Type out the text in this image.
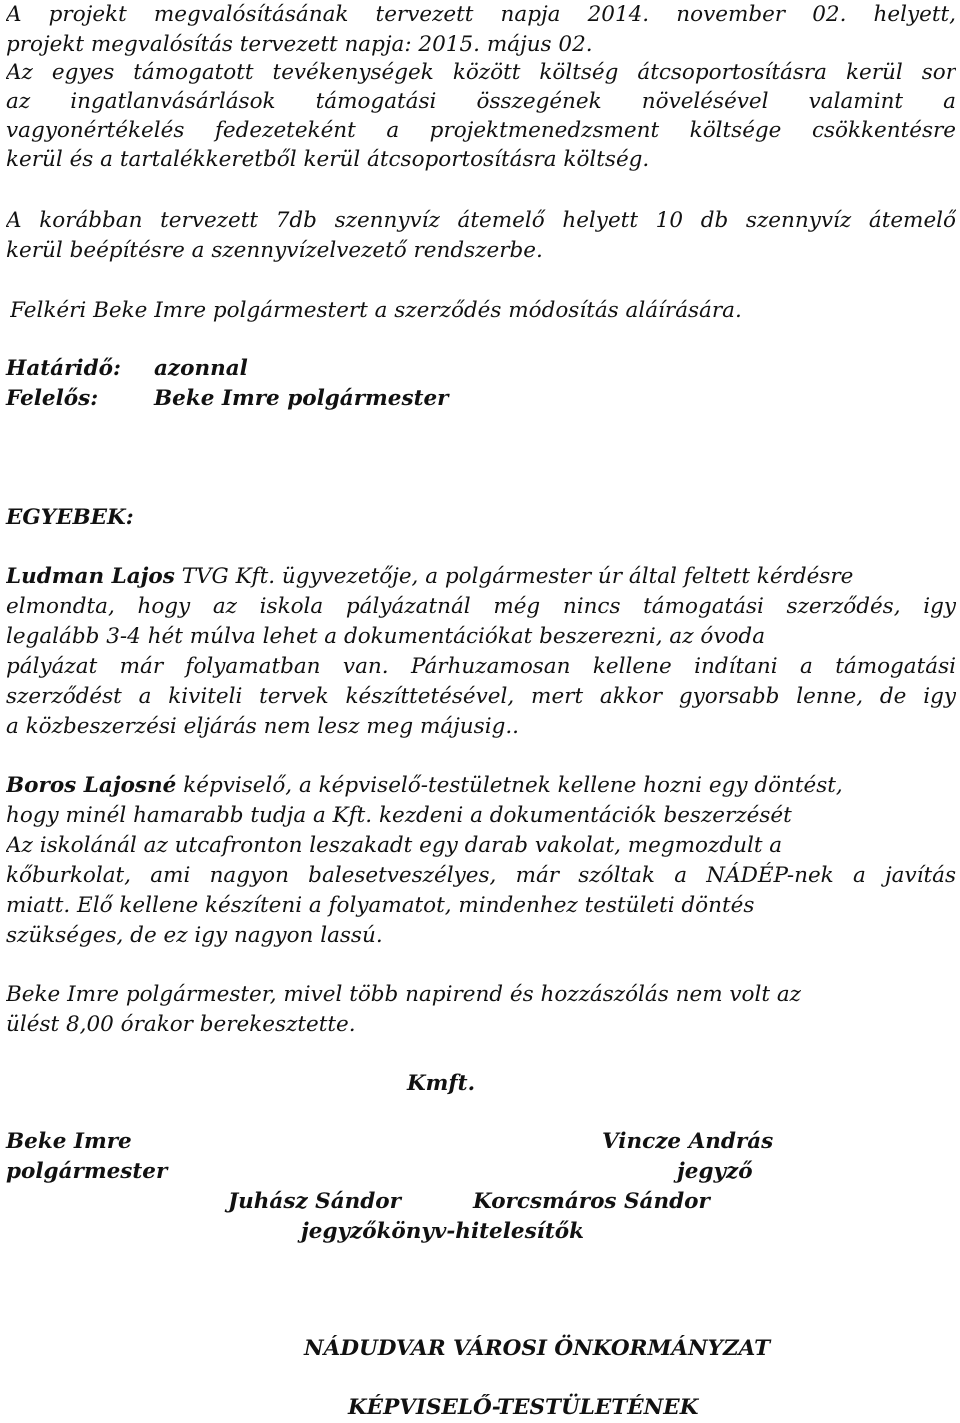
A projekt megvalósításának tervezett napja 2014. november 02. helyett,
projekt megvalósítás tervezett napja: 2015. május 02.
Az egyes támogatott tevékenységek között költség átcsoportosításra kerül sor
az ingatlanvásárlások támogatási összegének növelésével valamint a
vagyonértékelés fedezeteként a projektmenedzsment költsége csökkentésre
kerül és a tartalékkeretből kerül átcsoportosításra költség.
A korábban tervezett 7db szennyvíz átemelő helyett 10 db szennyvíz átemelő
kerül beépítésre a szennyvízelvezető rendszerbe.
Felkéri Beke Imre polgármestert a szerződés módosítás aláírására.
Határidő: azonnal
Felelős:	Beke Imre polgármester
EGYEBEK:
Ludman Lajos TVG Kft. ügyvezetője, a polgármester úr által feltett kérdésre
elmondta, hogy az iskola pályázatnál még nincs támogatási szerződés, igy
legalább 3-4 hét múlva lehet a dokumentációkat beszerezni, az óvoda
pályázat már folyamatban van. Párhuzamosan kellene indítani a támogatási
szerződést a kiviteli tervek készíttetésével, mert akkor gyorsabb lenne, de igy
a közbeszerzési eljárás nem lesz meg májusig..
Boros Lajosné képviselő, a képviselő-testületnek kellene hozni egy döntést,
hogy minél hamarabb tudja a Kft. kezdeni a dokumentációk beszerzését
Az iskolánál az utcafronton leszakadt egy darab vakolat, megmozdult a
kőburkolat, ami nagyon balesetveszélyes, már szóltak a NÁDÉP-nek a javítás
miatt. Elő kellene készíteni a folyamatot, mindenhez testületi döntés
szükséges, de ez igy nagyon lassú.
Beke Imre polgármester, mivel több napirend és hozzászólás nem volt az
ülést 8,00 órakor berekesztette.
Kmft.
Beke Imre
polgármester
Vincze András
jegyző
Juhász Sándor	Korcsmáros Sándor
jegyzőkönyv-hitelesítők
NÁDUDVAR VÁROSI ÖNKORMÁNYZAT
KÉPVISELŐ-TESTÜLETÉNEK
